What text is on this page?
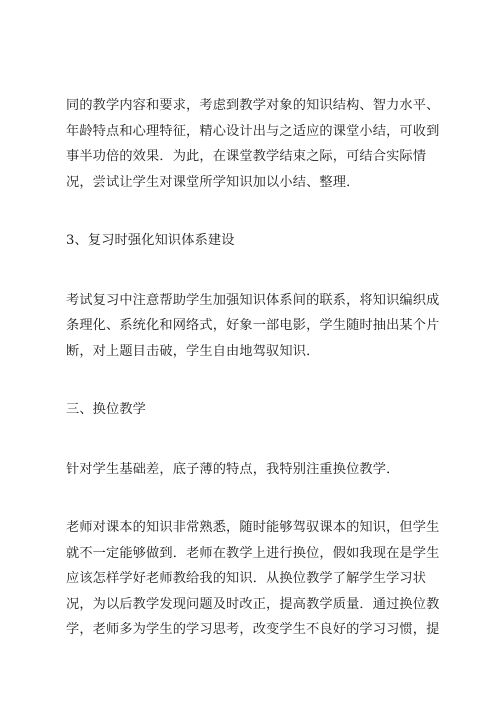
同的教学内容和要求，考虑到教学对象的知识结构、智力水平、
年龄特点和心理特征，精心设计出与之适应的课堂小结，可收到
事半功倍的效果．为此，在课堂教学结束之际，可结合实际情
况，尝试让学生对课堂所学知识加以小结、整理．

3、复习时强化知识体系建设

考试复习中注意帮助学生加强知识体系间的联系，将知识编织成
条理化、系统化和网络式，好象一部电影，学生随时抽出某个片
断，对上题目击破，学生自由地驾驭知识．

三、换位教学

针对学生基础差，底子薄的特点，我特别注重换位教学．

老师对课本的知识非常熟悉，随时能够驾驭课本的知识，但学生
就不一定能够做到．老师在教学上进行换位，假如我现在是学生
应该怎样学好老师教给我的知识．从换位教学了解学生学习状
况，为以后教学发现问题及时改正，提高教学质量．通过换位教
学，老师多为学生的学习思考，改变学生不良好的学习习惯，提
